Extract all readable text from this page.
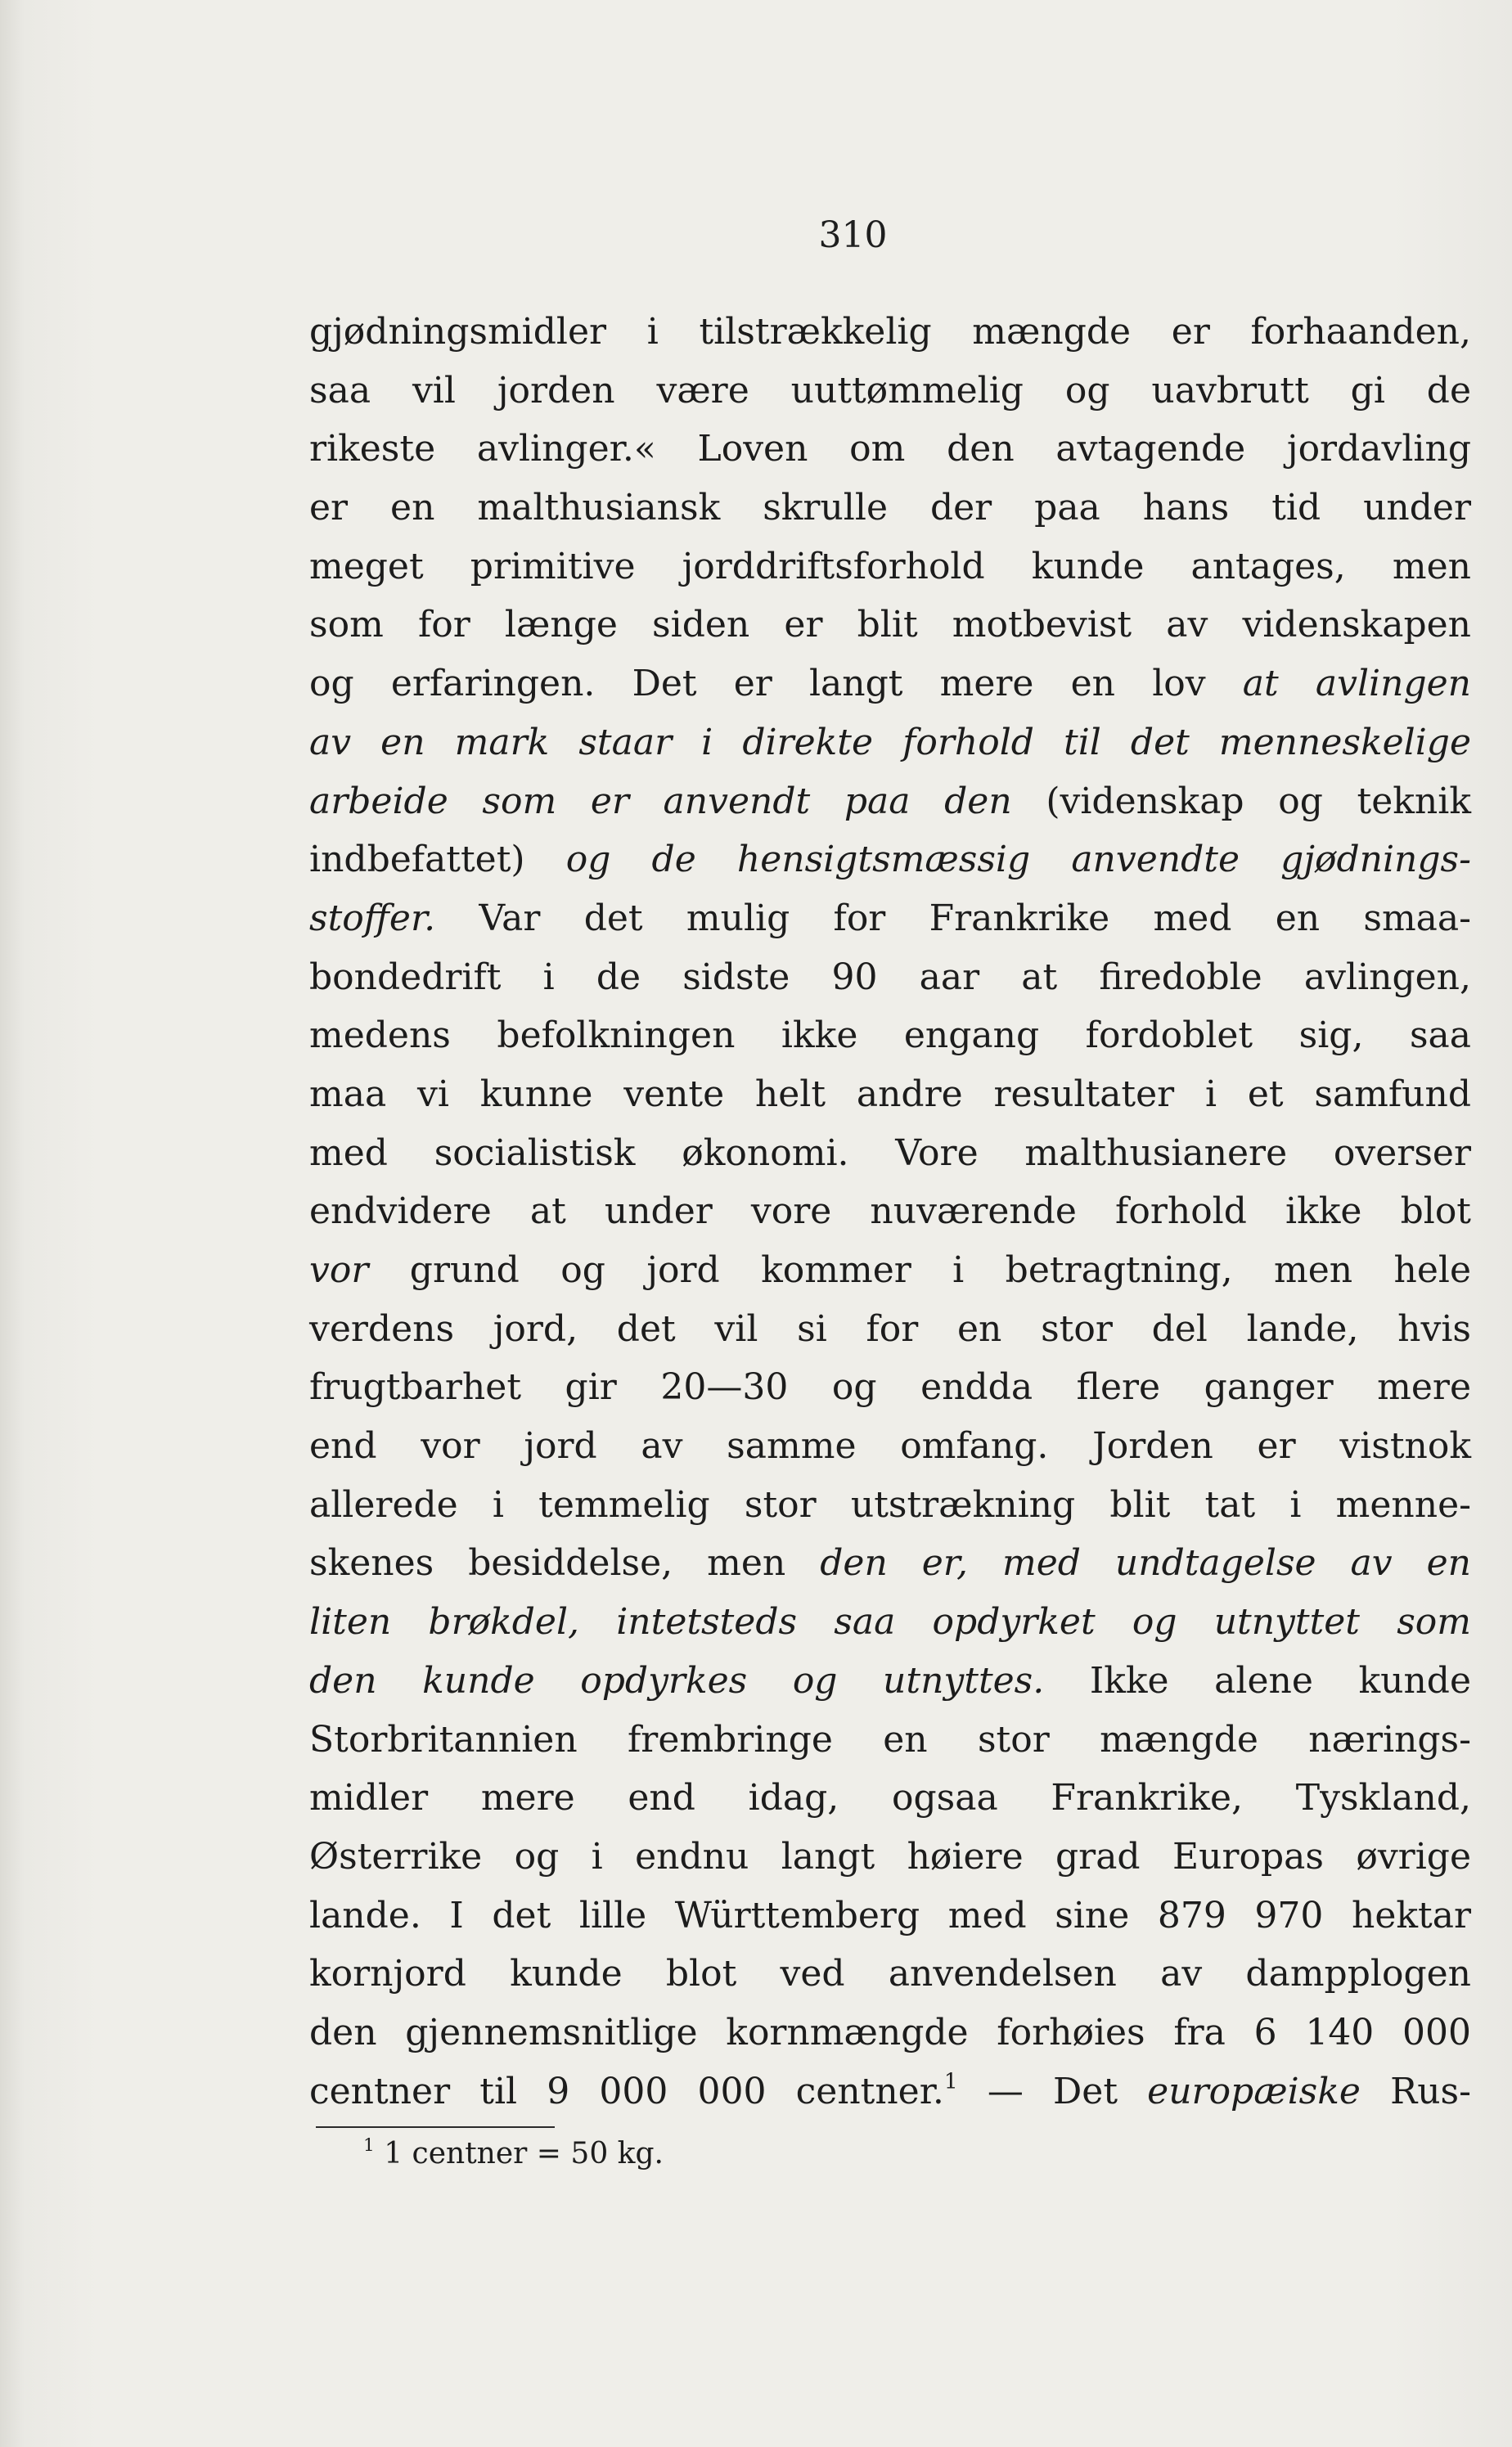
310
gjødningsmidler i tilstrækkelig mængde er forhaanden,
saa vil jorden være uuttømmelig og uavbrutt gi de
rikeste avlinger.« Loven om den avtagende jordavling
er en malthusiansk skrulle der paa hans tid under
meget primitive jorddriftsforhold kunde antages, men
som for længe siden er blit motbevist av videnskapen
og erfaringen. Det er langt mere en lov at avlingen
av en mark staar i direkte forhold til det menneskelige
arbeide som er anvendt paa den (videnskap og teknik
indbefattet) og de hensigtsmæssig anvendte gjødnings-
stoffer. Var det mulig for Frankrike med en smaa-
bondedrift i de sidste 90 aar at firedoble avlingen,
medens befolkningen ikke engang fordoblet sig, saa
maa vi kunne vente helt andre resultater i et samfund
med socialistisk økonomi. Vore malthusianere overser
endvidere at under vore nuværende forhold ikke blot
vor grund og jord kommer i betragtning, men hele
verdens jord, det vil si for en stor del lande, hvis
frugtbarhet gir 20—30 og endda flere ganger mere
end vor jord av samme omfang. Jorden er vistnok
allerede i temmelig stor utstrækning blit tat i menne-
skenes besiddelse, men den er, med undtagelse av en
liten brøkdel, intetsteds saa opdyrket og utnyttet som
den kunde opdyrkes og utnyttes. Ikke alene kunde
Storbritannien frembringe en stor mængde nærings-
midler mere end idag, ogsaa Frankrike, Tyskland,
Østerrike og i endnu langt høiere grad Europas øvrige
lande. I det lille Württemberg med sine 879 970 hektar
kornjord kunde blot ved anvendelsen av dampplogen
den gjennemsnitlige kornmængde forhøies fra 6 140 000
centner til 9 000 000 centner.$^1$ — Det europæiske Rus-
$^1$ 1 centner = 50 kg.
